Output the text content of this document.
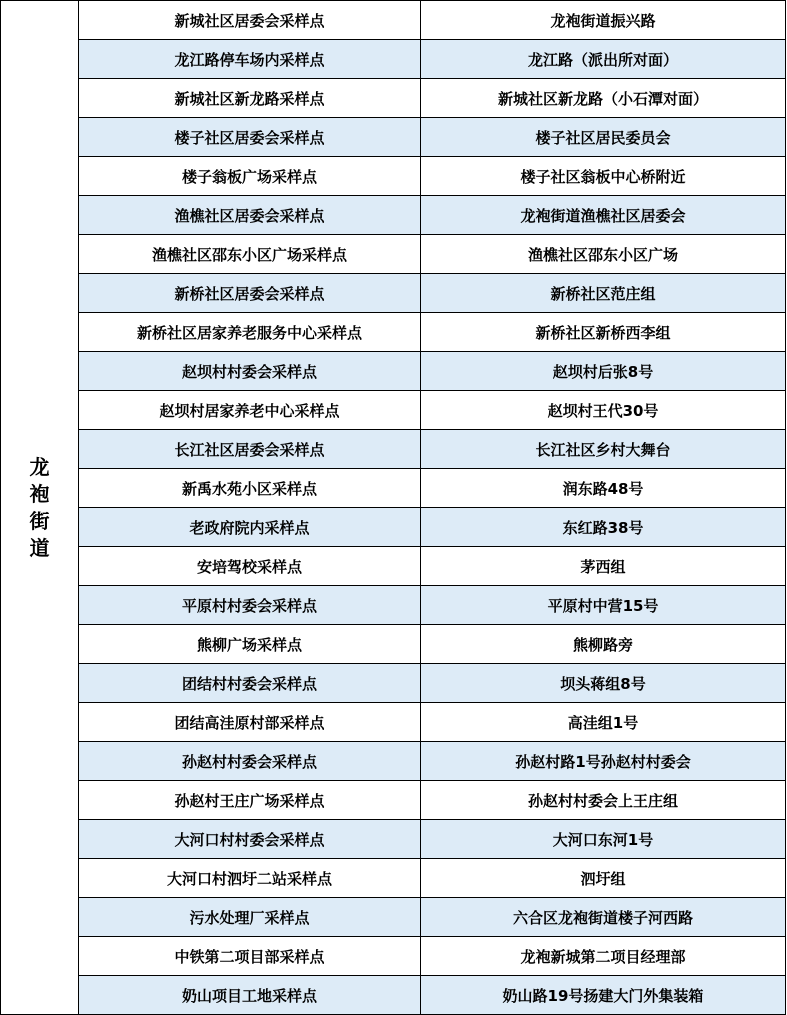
龙袍街道	新城社区居委会采样点	龙袍街道振兴路
	龙江路停车场内采样点	龙江路（派出所对面）
	新城社区新龙路采样点	新城社区新龙路（小石潭对面）
	楼子社区居委会采样点	楼子社区居民委员会
	楼子翁板广场采样点	楼子社区翁板中心桥附近
	渔樵社区居委会采样点	龙袍街道渔樵社区居委会
	渔樵社区邵东小区广场采样点	渔樵社区邵东小区广场
	新桥社区居委会采样点	新桥社区范庄组
	新桥社区居家养老服务中心采样点	新桥社区新桥西李组
	赵坝村村委会采样点	赵坝村后张8号
	赵坝村居家养老中心采样点	赵坝村王代30号
	长江社区居委会采样点	长江社区乡村大舞台
	新禹水苑小区采样点	润东路48号
	老政府院内采样点	东红路38号
	安培驾校采样点	茅西组
	平原村村委会采样点	平原村中营15号
	熊柳广场采样点	熊柳路旁
	团结村村委会采样点	坝头蒋组8号
	团结高洼原村部采样点	高洼组1号
	孙赵村村委会采样点	孙赵村路1号孙赵村村委会
	孙赵村王庄广场采样点	孙赵村村委会上王庄组
	大河口村村委会采样点	大河口东河1号
	大河口村泗圩二站采样点	泗圩组
	污水处理厂采样点	六合区龙袍街道楼子河西路
	中铁第二项目部采样点	龙袍新城第二项目经理部
	奶山项目工地采样点	奶山路19号扬建大门外集装箱
